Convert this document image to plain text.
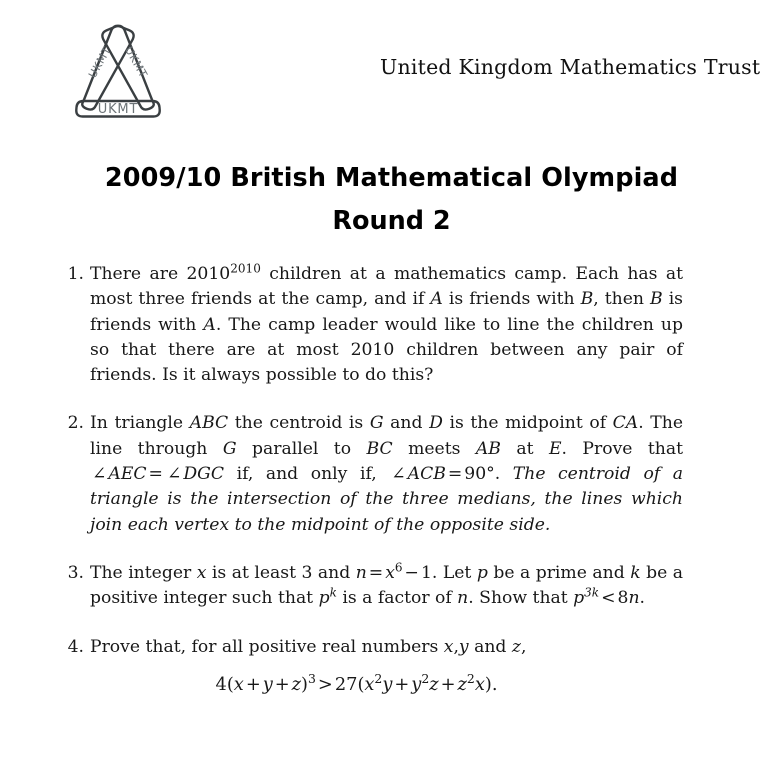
UKMT UKMT
UKMT
United Kingdom Mathematics Trust
2009/10 British Mathematical Olympiad
Round 2
1. There are $2010^{2010}$ children at a mathematics camp. Each has at most three friends at the camp, and if A is friends with B, then B is friends with A. The camp leader would like to line the children up so that there are at most 2010 children between any pair of friends. Is it always possible to do this?
2. In triangle ABC the centroid is G and D is the midpoint of CA. The line through G parallel to BC meets AB at E. Prove that ∠ AEC = ∠ DGC if, and only if, ∠ ACB = 90°. The centroid of a triangle is the intersection of the three medians, the lines which join each vertex to the midpoint of the opposite side.
3. The integer x is at least 3 and $n = x^6 - 1$. Let p be a prime and k be a positive integer such that $p^k$ is a factor of n. Show that $p^{3k} < 8n$.
4. Prove that, for all positive real numbers x,y and z,
$4(x + y + z)^3 > 27(x^2y + y^2z + z^2x)$.
